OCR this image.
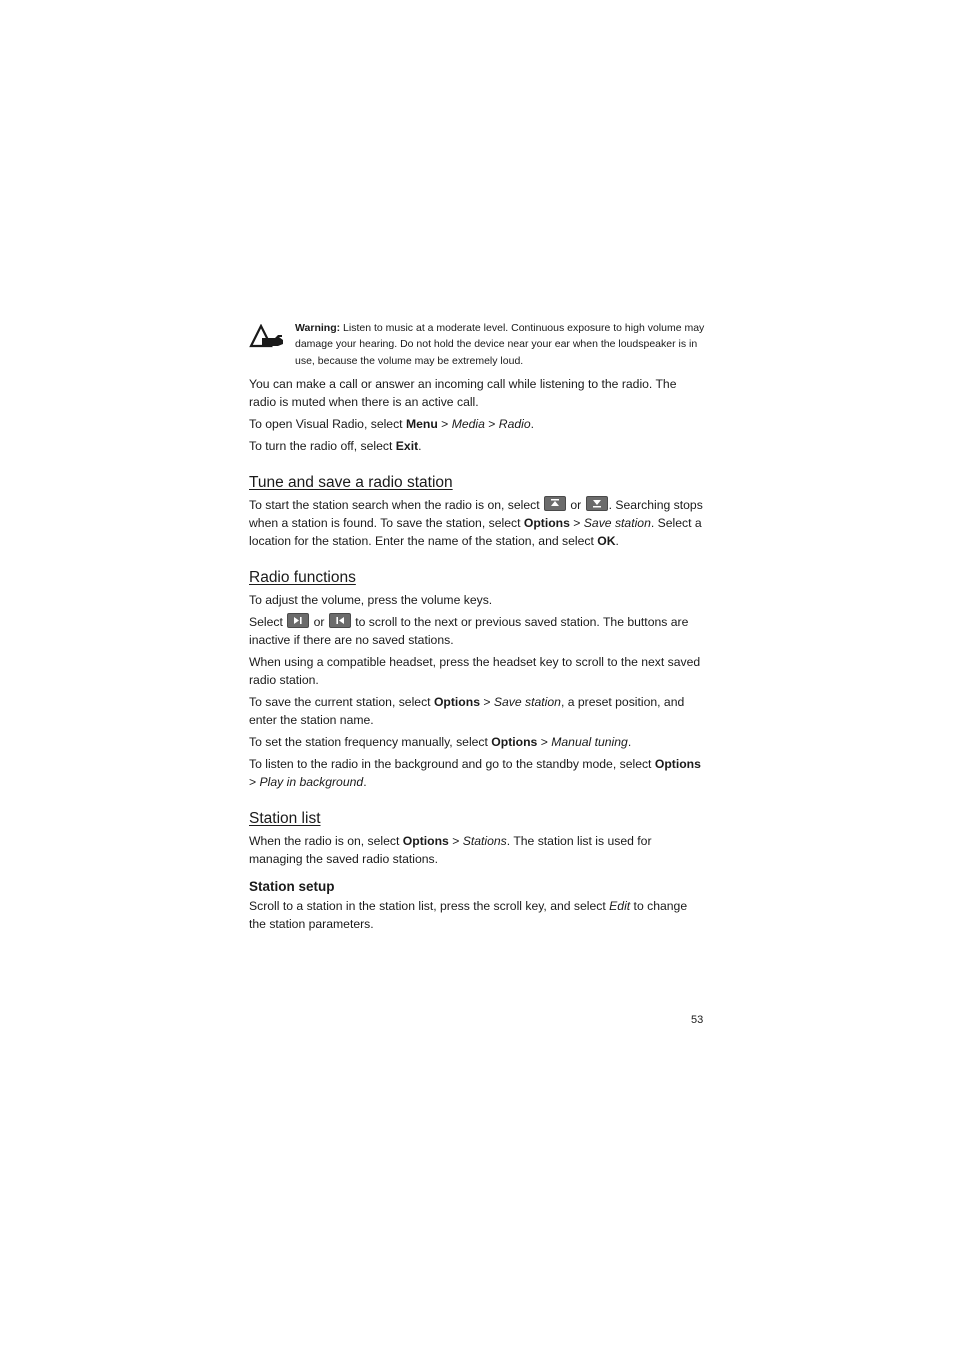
Warning: Listen to music at a moderate level. Continuous exposure to high volume may damage your hearing. Do not hold the device near your ear when the loudspeaker is in use, because the volume may be extremely loud.

You can make a call or answer an incoming call while listening to the radio. The radio is muted when there is an active call.

To open Visual Radio, select Menu > Media > Radio.

To turn the radio off, select Exit.

Tune and save a radio station

To start the station search when the radio is on, select
or
. Searching stops when a station is found. To save the station, select Options > Save station. Select a location for the station. Enter the name of the station, and select OK.

Radio functions

To adjust the volume, press the volume keys.

Select
or
to scroll to the next or previous saved station. The buttons are inactive if there are no saved stations.

When using a compatible headset, press the headset key to scroll to the next saved radio station.

To save the current station, select Options > Save station, a preset position, and enter the station name.

To set the station frequency manually, select Options > Manual tuning.

To listen to the radio in the background and go to the standby mode, select Options > Play in background.

Station list

When the radio is on, select Options > Stations. The station list is used for managing the saved radio stations.

Station setup

Scroll to a station in the station list, press the scroll key, and select Edit to change the station parameters.

53
